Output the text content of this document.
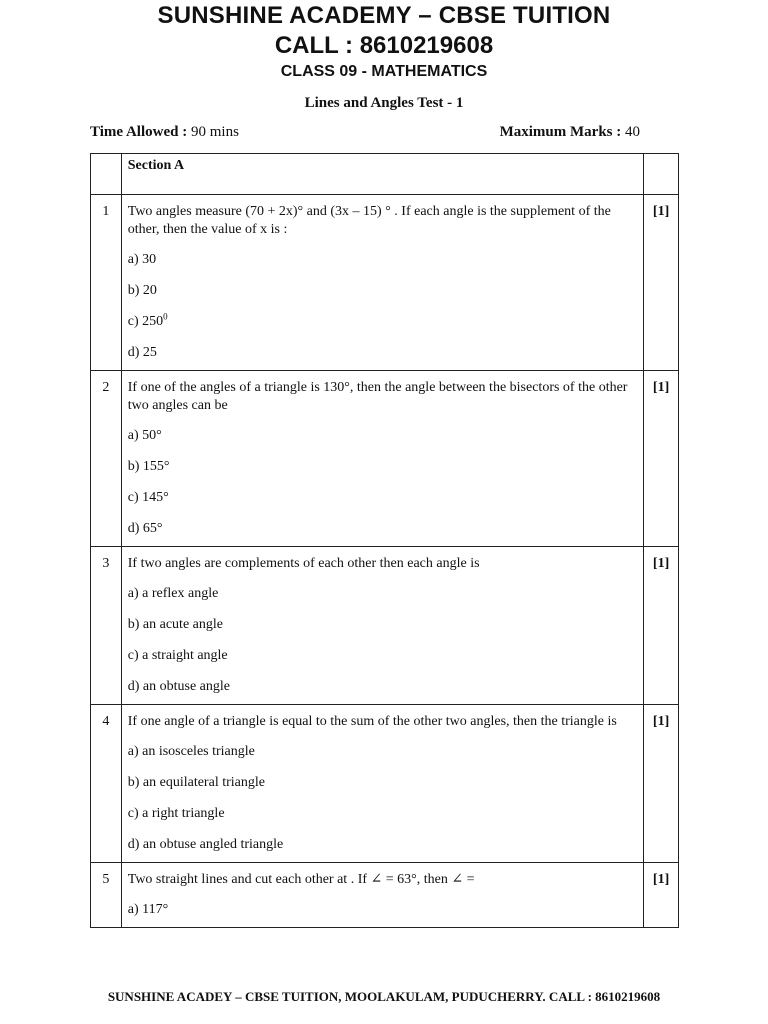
SUNSHINE ACADEMY – CBSE TUITION
CALL : 8610219608
CLASS 09 - MATHEMATICS
Lines and Angles Test - 1
Time Allowed : 90 mins	Maximum Marks : 40
	Section A	
1	Two angles measure (70 + 2x)° and (3x – 15) ° . If each angle is the supplement of the other, then the value of x is :

a) 30

b) 20

c) $250^0$

d) 25	[1]
2	If one of the angles of a triangle is 130°, then the angle between the bisectors of the other two angles can be

a) 50°

b) 155°

c) 145°

d) 65°	[1]
3	If two angles are complements of each other then each angle is

a) a reflex angle

b) an acute angle

c) a straight angle

d) an obtuse angle	[1]
4	If one angle of a triangle is equal to the sum of the other two angles, then the triangle is

a) an isosceles triangle

b) an equilateral triangle

c) a right triangle

d) an obtuse angled triangle	[1]
5	Two straight lines and cut each other at . If ∠ = 63°, then ∠ =

a) 117°	[1]
SUNSHINE ACADEY – CBSE TUITION, MOOLAKULAM, PUDUCHERRY. CALL : 8610219608
